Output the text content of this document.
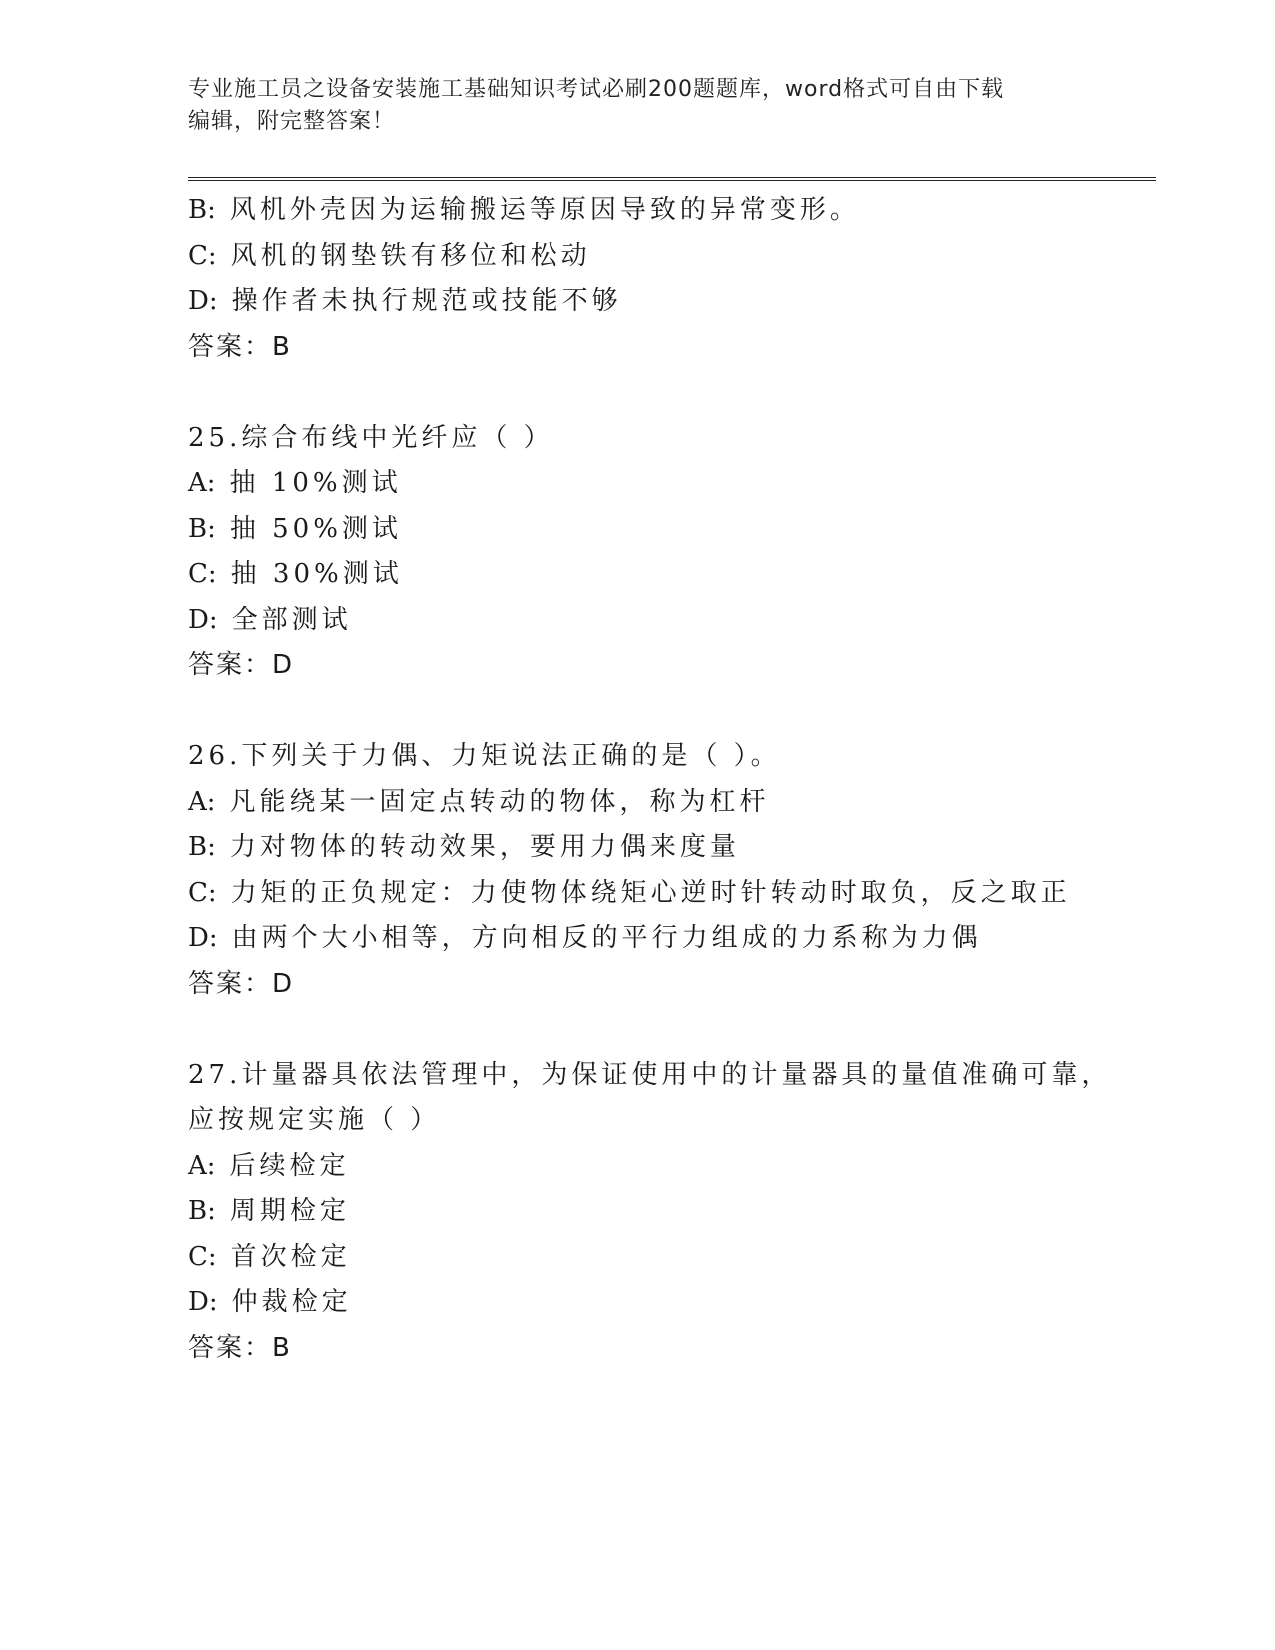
专业施工员之设备安装施工基础知识考试必刷200题题库，word格式可自由下载
编辑，附完整答案！
B: 风机外壳因为运输搬运等原因导致的异常变形。
C: 风机的钢垫铁有移位和松动
D: 操作者未执行规范或技能不够
答案：B
25.综合布线中光纤应（ ）
A: 抽 10%测试
B: 抽 50%测试
C: 抽 30%测试
D: 全部测试
答案：D
26.下列关于力偶、力矩说法正确的是（ ）。
A: 凡能绕某一固定点转动的物体，称为杠杆
B: 力对物体的转动效果，要用力偶来度量
C: 力矩的正负规定：力使物体绕矩心逆时针转动时取负，反之取正
D: 由两个大小相等，方向相反的平行力组成的力系称为力偶
答案：D
27.计量器具依法管理中，为保证使用中的计量器具的量值准确可靠，
应按规定实施（ ）
A: 后续检定
B: 周期检定
C: 首次检定
D: 仲裁检定
答案：B
